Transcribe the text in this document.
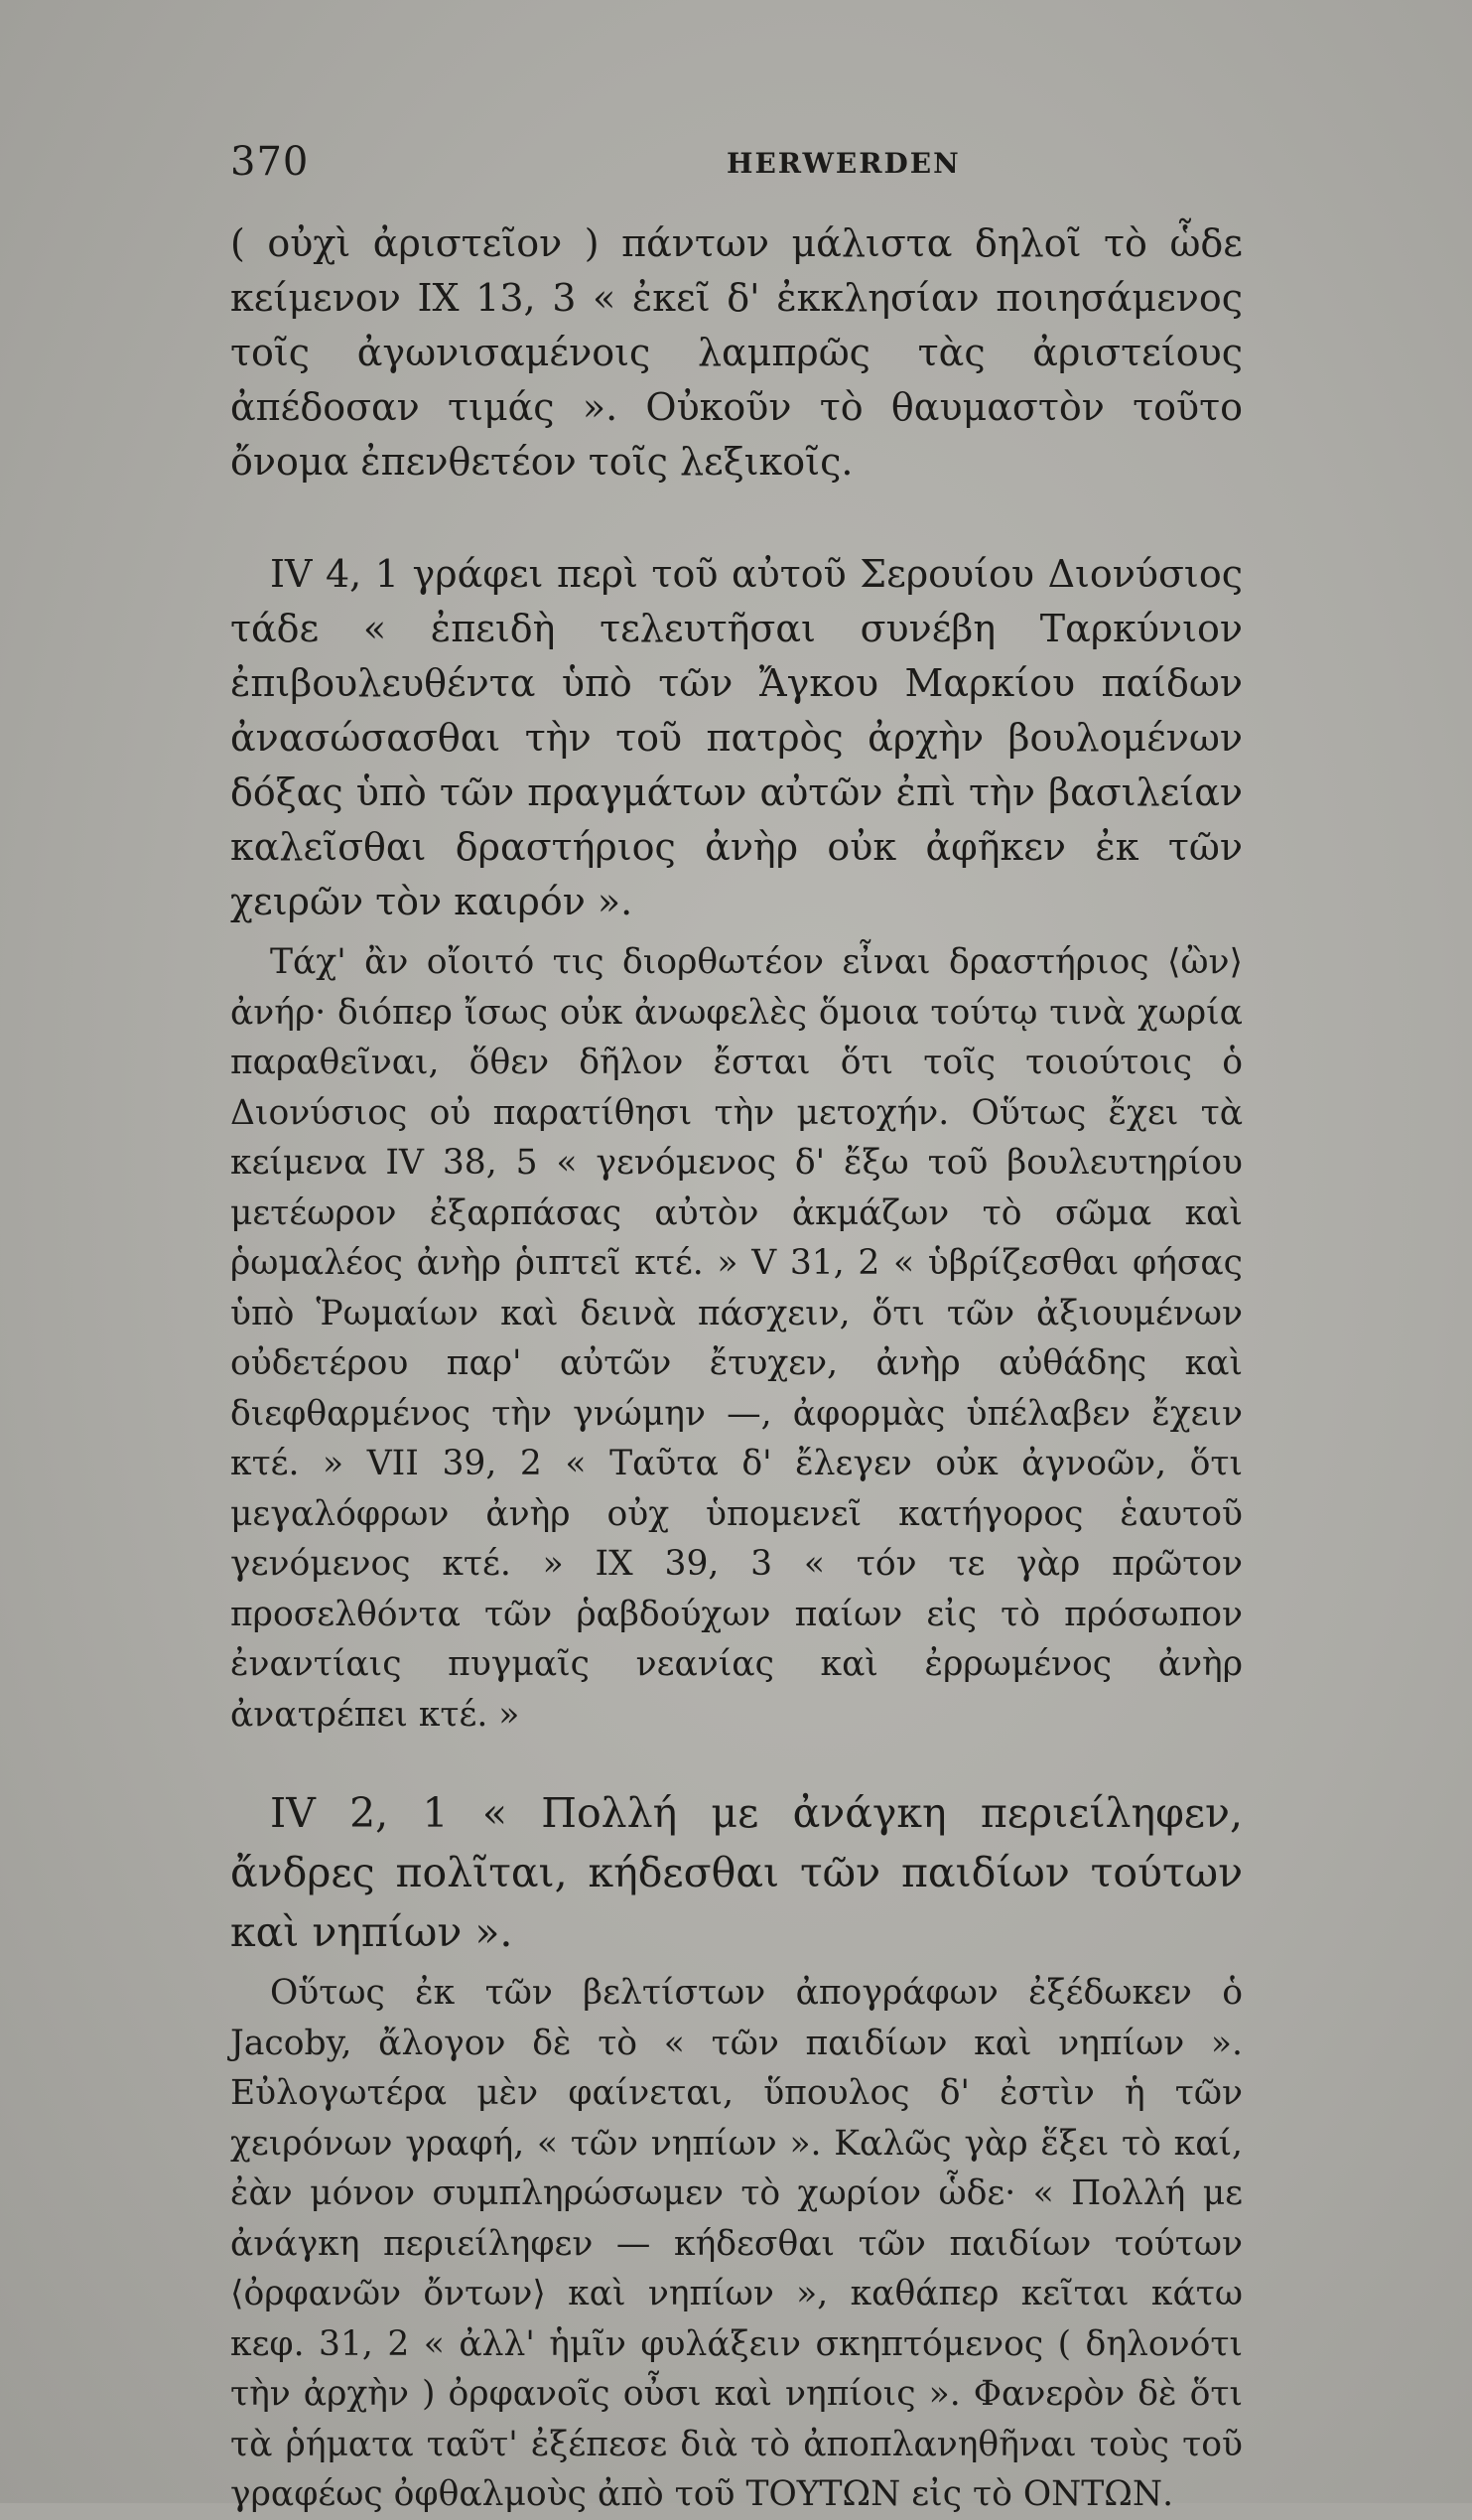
370	HERWERDEN

( οὐχὶ ἀριστεῖον ) πάντων μάλιστα δηλοῖ τὸ ὧδε κείμενον IX 13, 3 « ἐκεῖ δ' ἐκκλησίαν ποιησάμενος τοῖς ἀγωνισαμένοις λαμπρῶς τὰς ἀριστείους ἀπέδοσαν τιμάς ». Οὐκοῦν τὸ θαυμαστὸν τοῦτο ὄνομα ἐπενθετέον τοῖς λεξικοῖς.

IV 4, 1 γράφει περὶ τοῦ αὐτοῦ Σερουίου Διονύσιος τάδε « ἐπειδὴ τελευτῆσαι συνέβη Ταρκύνιον ἐπιβουλευθέντα ὑπὸ τῶν Ἄγκου Μαρκίου παίδων ἀνασώσασθαι τὴν τοῦ πατρὸς ἀρχὴν βουλομένων δόξας ὑπὸ τῶν πραγμάτων αὐτῶν ἐπὶ τὴν βασιλείαν καλεῖσθαι δραστήριος ἀνὴρ οὐκ ἀφῆκεν ἐκ τῶν χειρῶν τὸν καιρόν ».

Τάχ' ἂν οἴοιτό τις διορθωτέον εἶναι δραστήριος ⟨ὢν⟩ ἀνήρ· διόπερ ἴσως οὐκ ἀνωφελὲς ὅμοια τούτῳ τινὰ χωρία παραθεῖναι, ὅθεν δῆλον ἔσται ὅτι τοῖς τοιούτοις ὁ Διονύσιος οὐ παρατίθησι τὴν μετοχήν. Οὕτως ἔχει τὰ κείμενα IV 38, 5 « γενόμενος δ' ἔξω τοῦ βουλευτηρίου μετέωρον ἐξαρπάσας αὐτὸν ἀκμάζων τὸ σῶμα καὶ ῥωμαλέος ἀνὴρ ῥιπτεῖ κτέ. » V 31, 2 « ὑβρίζεσθαι φήσας ὑπὸ Ῥωμαίων καὶ δεινὰ πάσχειν, ὅτι τῶν ἀξιουμένων οὐδετέρου παρ' αὐτῶν ἔτυχεν, ἀνὴρ αὐθάδης καὶ διεφθαρμένος τὴν γνώμην —, ἀφορμὰς ὑπέλαβεν ἔχειν κτέ. » VII 39, 2 « Ταῦτα δ' ἔλεγεν οὐκ ἀγνοῶν, ὅτι μεγαλόφρων ἀνὴρ οὐχ ὑπομενεῖ κατήγορος ἑαυτοῦ γενόμενος κτέ. » IX 39, 3 « τόν τε γὰρ πρῶτον προσελθόντα τῶν ῥαβδούχων παίων εἰς τὸ πρόσωπον ἐναντίαις πυγμαῖς νεανίας καὶ ἐρρωμένος ἀνὴρ ἀνατρέπει κτέ. »

IV 2, 1 « Πολλή με ἀνάγκη περιείληφεν, ἄνδρες πολῖται, κήδεσθαι τῶν παιδίων τούτων καὶ νηπίων ».

Οὕτως ἐκ τῶν βελτίστων ἀπογράφων ἐξέδωκεν ὁ Jacoby, ἄλογον δὲ τὸ « τῶν παιδίων καὶ νηπίων ». Εὐλογωτέρα μὲν φαίνεται, ὕπουλος δ' ἐστὶν ἡ τῶν χειρόνων γραφή, « τῶν νηπίων ». Καλῶς γὰρ ἕξει τὸ καί, ἐὰν μόνον συμπληρώσωμεν τὸ χωρίον ὧδε· « Πολλή με ἀνάγκη περιείληφεν — κήδεσθαι τῶν παιδίων τούτων ⟨ὀρφανῶν ὄντων⟩ καὶ νηπίων », καθάπερ κεῖται κάτω κεφ. 31, 2 « ἀλλ' ἡμῖν φυλάξειν σκηπτόμενος ( δηλονότι τὴν ἀρχὴν ) ὀρφανοῖς οὖσι καὶ νηπίοις ». Φανερὸν δὲ ὅτι τὰ ῥήματα ταῦτ' ἐξέπεσε διὰ τὸ ἀποπλανηθῆναι τοὺς τοῦ γραφέως ὀφθαλμοὺς ἀπὸ τοῦ ΤΟΥΤΩΝ εἰς τὸ ΟΝΤΩΝ.
